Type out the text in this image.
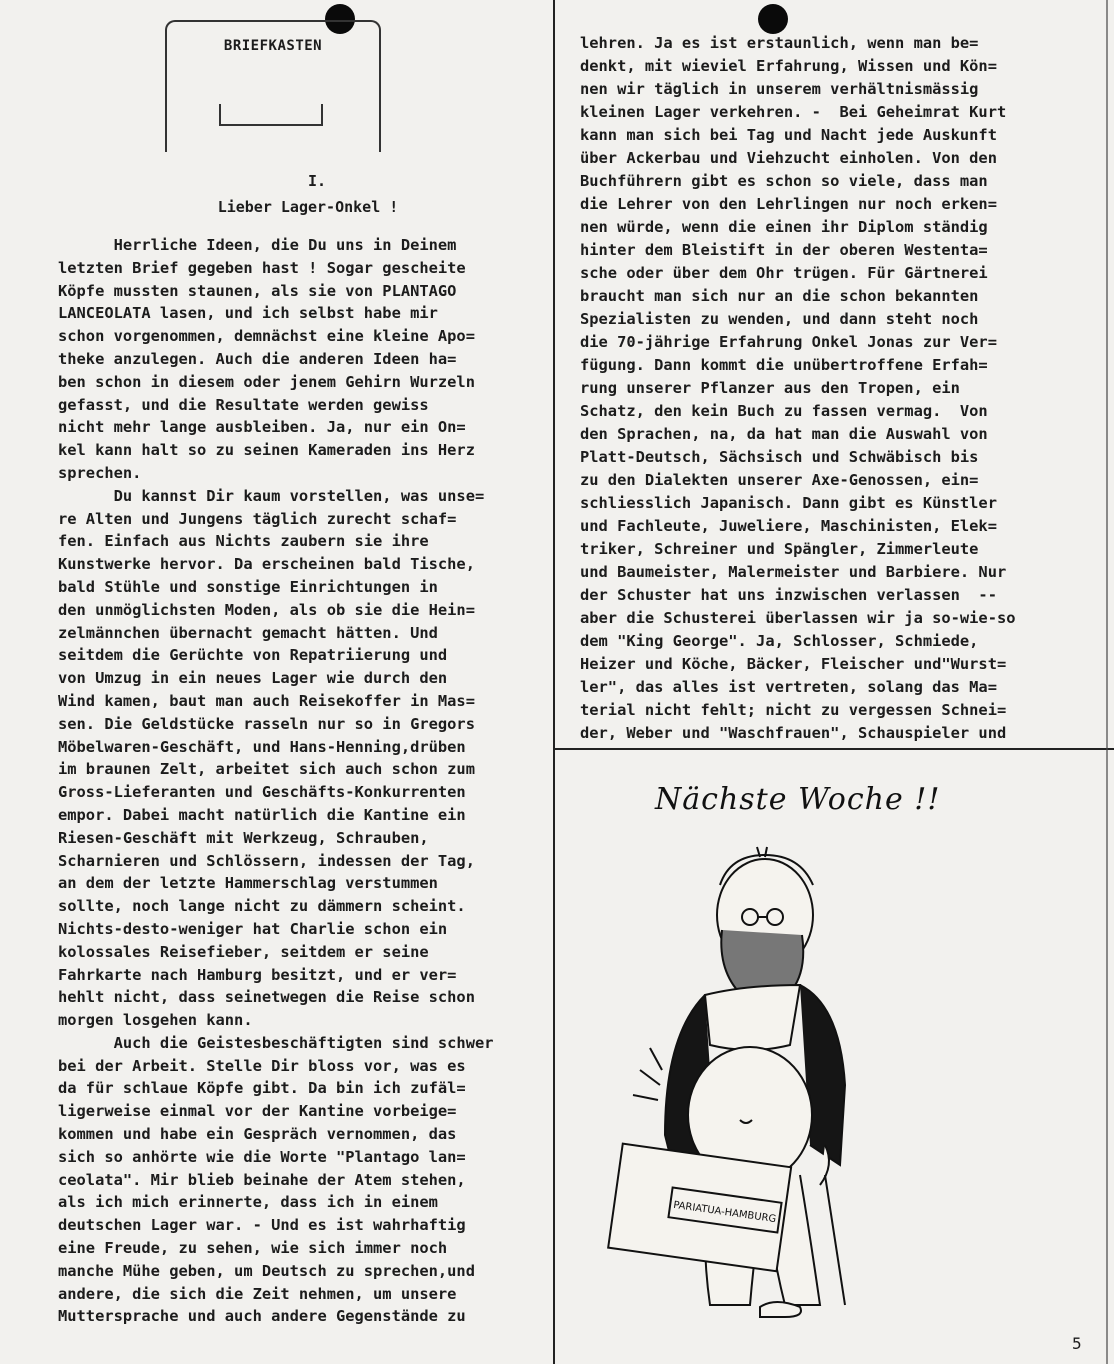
BRIEFKASTEN
I.
Lieber Lager-Onkel !
Herrliche Ideen, die Du uns in Deinem
letzten Brief gegeben hast ! Sogar gescheite
Köpfe mussten staunen, als sie von PLANTAGO
LANCEOLATA lasen, und ich selbst habe mir
schon vorgenommen, demnächst eine kleine Apo=
theke anzulegen. Auch die anderen Ideen ha=
ben schon in diesem oder jenem Gehirn Wurzeln
gefasst, und die Resultate werden gewiss
nicht mehr lange ausbleiben. Ja, nur ein On=
kel kann halt so zu seinen Kameraden ins Herz
sprechen.
Du kannst Dir kaum vorstellen, was unse=
re Alten und Jungens täglich zurecht schaf=
fen. Einfach aus Nichts zaubern sie ihre
Kunstwerke hervor. Da erscheinen bald Tische,
bald Stühle und sonstige Einrichtungen in
den unmöglichsten Moden, als ob sie die Hein=
zelmännchen übernacht gemacht hätten. Und
seitdem die Gerüchte von Repatriierung und
von Umzug in ein neues Lager wie durch den
Wind kamen, baut man auch Reisekoffer in Mas=
sen. Die Geldstücke rasseln nur so in Gregors
Möbelwaren-Geschäft, und Hans-Henning,drüben
im braunen Zelt, arbeitet sich auch schon zum
Gross-Lieferanten und Geschäfts-Konkurrenten
empor. Dabei macht natürlich die Kantine ein
Riesen-Geschäft mit Werkzeug, Schrauben,
Scharnieren und Schlössern, indessen der Tag,
an dem der letzte Hammerschlag verstummen
sollte, noch lange nicht zu dämmern scheint.
Nichts-desto-weniger hat Charlie schon ein
kolossales Reisefieber, seitdem er seine
Fahrkarte nach Hamburg besitzt, und er ver=
hehlt nicht, dass seinetwegen die Reise schon
morgen losgehen kann.
Auch die Geistesbeschäftigten sind schwer
bei der Arbeit. Stelle Dir bloss vor, was es
da für schlaue Köpfe gibt. Da bin ich zufäl=
ligerweise einmal vor der Kantine vorbeige=
kommen und habe ein Gespräch vernommen, das
sich so anhörte wie die Worte "Plantago lan=
ceolata". Mir blieb beinahe der Atem stehen,
als ich mich erinnerte, dass ich in einem
deutschen Lager war. - Und es ist wahrhaftig
eine Freude, zu sehen, wie sich immer noch
manche Mühe geben, um Deutsch zu sprechen,und
andere, die sich die Zeit nehmen, um unsere
Muttersprache und auch andere Gegenstände zu
lehren. Ja es ist erstaunlich, wenn man be=
denkt, mit wieviel Erfahrung, Wissen und Kön=
nen wir täglich in unserem verhältnismässig
kleinen Lager verkehren. -  Bei Geheimrat Kurt
kann man sich bei Tag und Nacht jede Auskunft
über Ackerbau und Viehzucht einholen. Von den
Buchführern gibt es schon so viele, dass man
die Lehrer von den Lehrlingen nur noch erken=
nen würde, wenn die einen ihr Diplom ständig
hinter dem Bleistift in der oberen Westenta=
sche oder über dem Ohr trügen. Für Gärtnerei
braucht man sich nur an die schon bekannten
Spezialisten zu wenden, und dann steht noch
die 70-jährige Erfahrung Onkel Jonas zur Ver=
fügung. Dann kommt die unübertroffene Erfah=
rung unserer Pflanzer aus den Tropen, ein
Schatz, den kein Buch zu fassen vermag.  Von
den Sprachen, na, da hat man die Auswahl von
Platt-Deutsch, Sächsisch und Schwäbisch bis
zu den Dialekten unserer Axe-Genossen, ein=
schliesslich Japanisch. Dann gibt es Künstler
und Fachleute, Juweliere, Maschinisten, Elek=
triker, Schreiner und Spängler, Zimmerleute
und Baumeister, Malermeister und Barbiere. Nur
der Schuster hat uns inzwischen verlassen  --
aber die Schusterei überlassen wir ja so-wie-so
dem "King George". Ja, Schlosser, Schmiede,
Heizer und Köche, Bäcker, Fleischer und"Wurst=
ler", das alles ist vertreten, solang das Ma=
terial nicht fehlt; nicht zu vergessen Schnei=
der, Weber und "Waschfrauen", Schauspieler und
Nächste Woche !!
PARIATUA-HAMBURG
5
